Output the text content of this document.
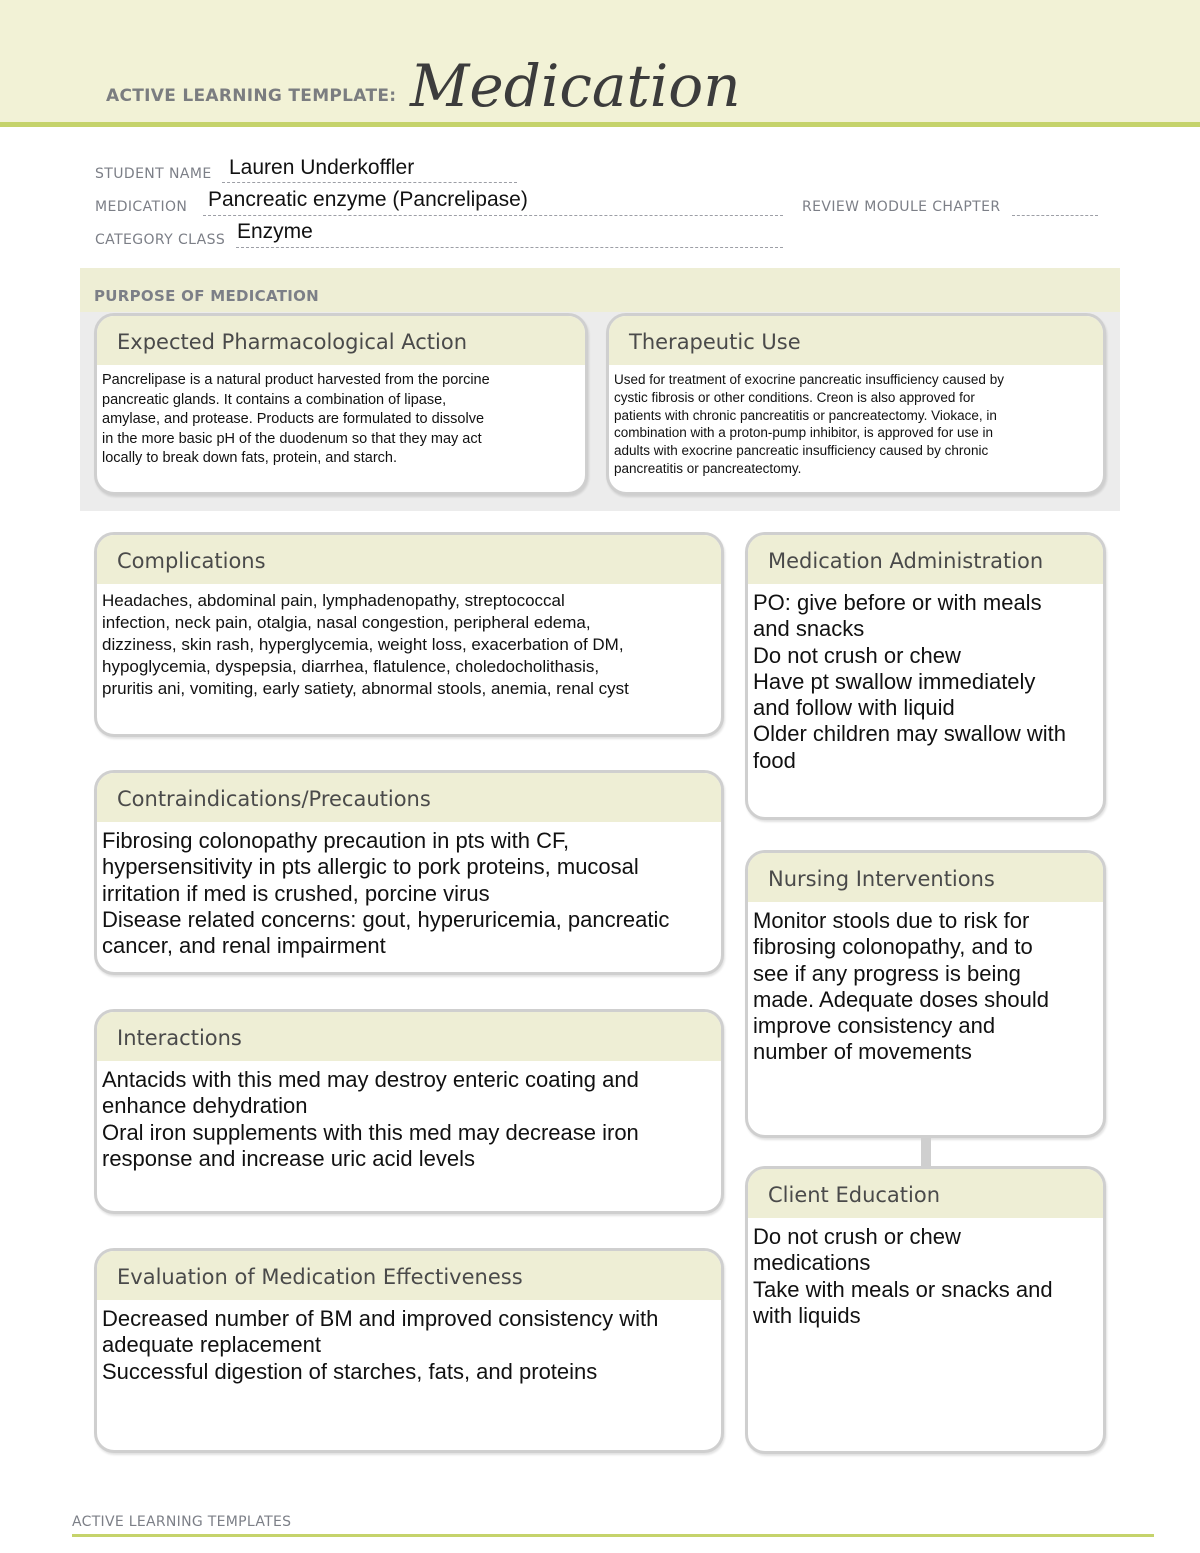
ACTIVE LEARNING TEMPLATE: Medication
STUDENT NAME Lauren Underkoffler
MEDICATION Pancreatic enzyme (Pancrelipase)	REVIEW MODULE CHAPTER
CATEGORY CLASS Enzyme
PURPOSE OF MEDICATION
Expected Pharmacological Action
Pancrelipase is a natural product harvested from the porcine
pancreatic glands. It contains a combination of lipase,
amylase, and protease. Products are formulated to dissolve
in the more basic pH of the duodenum so that they may act
locally to break down fats, protein, and starch.
Therapeutic Use
Used for treatment of exocrine pancreatic insufficiency caused by
cystic fibrosis or other conditions. Creon is also approved for
patients with chronic pancreatitis or pancreatectomy. Viokace, in
combination with a proton-pump inhibitor, is approved for use in
adults with exocrine pancreatic insufficiency caused by chronic
pancreatitis or pancreatectomy.
Complications
Headaches, abdominal pain, lymphadenopathy, streptococcal
infection, neck pain, otalgia, nasal congestion, peripheral edema,
dizziness, skin rash, hyperglycemia, weight loss, exacerbation of DM,
hypoglycemia, dyspepsia, diarrhea, flatulence, choledocholithasis,
pruritis ani, vomiting, early satiety, abnormal stools, anemia, renal cyst
Contraindications/Precautions
Fibrosing colonopathy precaution in pts with CF,
hypersensitivity in pts allergic to pork proteins, mucosal
irritation if med is crushed, porcine virus
Disease related concerns: gout, hyperuricemia, pancreatic
cancer, and renal impairment
Interactions
Antacids with this med may destroy enteric coating and
enhance dehydration
Oral iron supplements with this med may decrease iron
response and increase uric acid levels
Evaluation of Medication Effectiveness
Decreased number of BM and improved consistency with
adequate replacement
Successful digestion of starches, fats, and proteins
Medication Administration
PO: give before or with meals
and snacks
Do not crush or chew
Have pt swallow immediately
and follow with liquid
Older children may swallow with
food
Nursing Interventions
Monitor stools due to risk for
fibrosing colonopathy, and to
see if any progress is being
made. Adequate doses should
improve consistency and
number of movements
Client Education
Do not crush or chew
medications
Take with meals or snacks and
with liquids
ACTIVE LEARNING TEMPLATES
